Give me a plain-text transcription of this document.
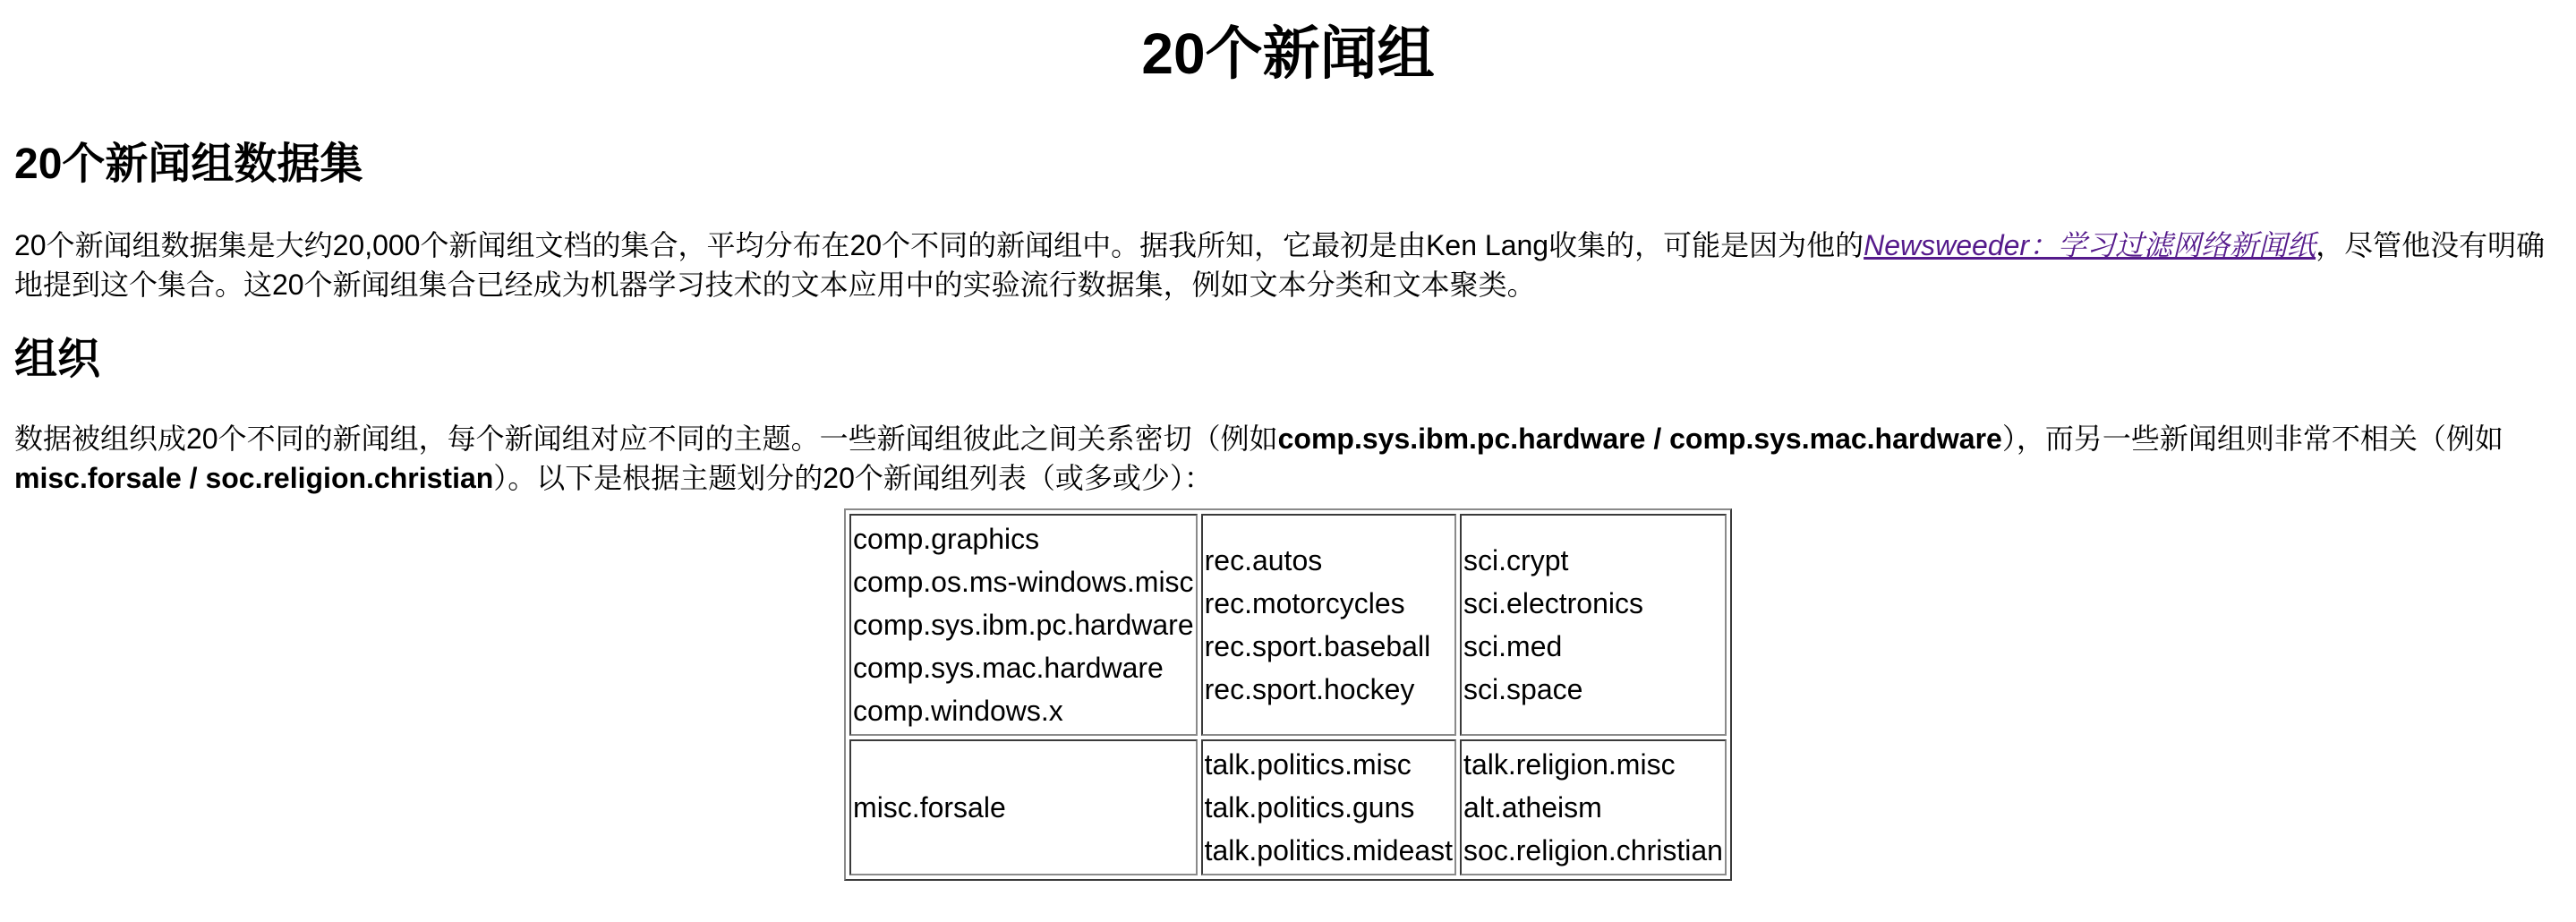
20个新闻组
20个新闻组数据集

20个新闻组数据集是大约20,000个新闻组文档的集合，平均分布在20个不同的新闻组中。据我所知，它最初是由Ken Lang收集的，可能是因为他的Newsweeder：学习过滤网络新闻纸，尽管他没有明确地提到这个集合。这20个新闻组集合已经成为机器学习技术的文本应用中的实验流行数据集，例如文本分类和文本聚类。

组织

数据被组织成20个不同的新闻组，每个新闻组对应不同的主题。一些新闻组彼此之间关系密切（例如comp.sys.ibm.pc.hardware / comp.sys.mac.hardware），而另一些新闻组则非常不相关（例如misc.forsale / soc.religion.christian）。以下是根据主题划分的20个新闻组列表（或多或少）：

comp.graphics
comp.os.ms-windows.misc
comp.sys.ibm.pc.hardware
comp.sys.mac.hardware
comp.windows.x	rec.autos
rec.motorcycles
rec.sport.baseball
rec.sport.hockey	sci.crypt
sci.electronics
sci.med
sci.space

misc.forsale	talk.politics.misc
talk.politics.guns
talk.politics.mideast	talk.religion.misc
alt.atheism
soc.religion.christian
